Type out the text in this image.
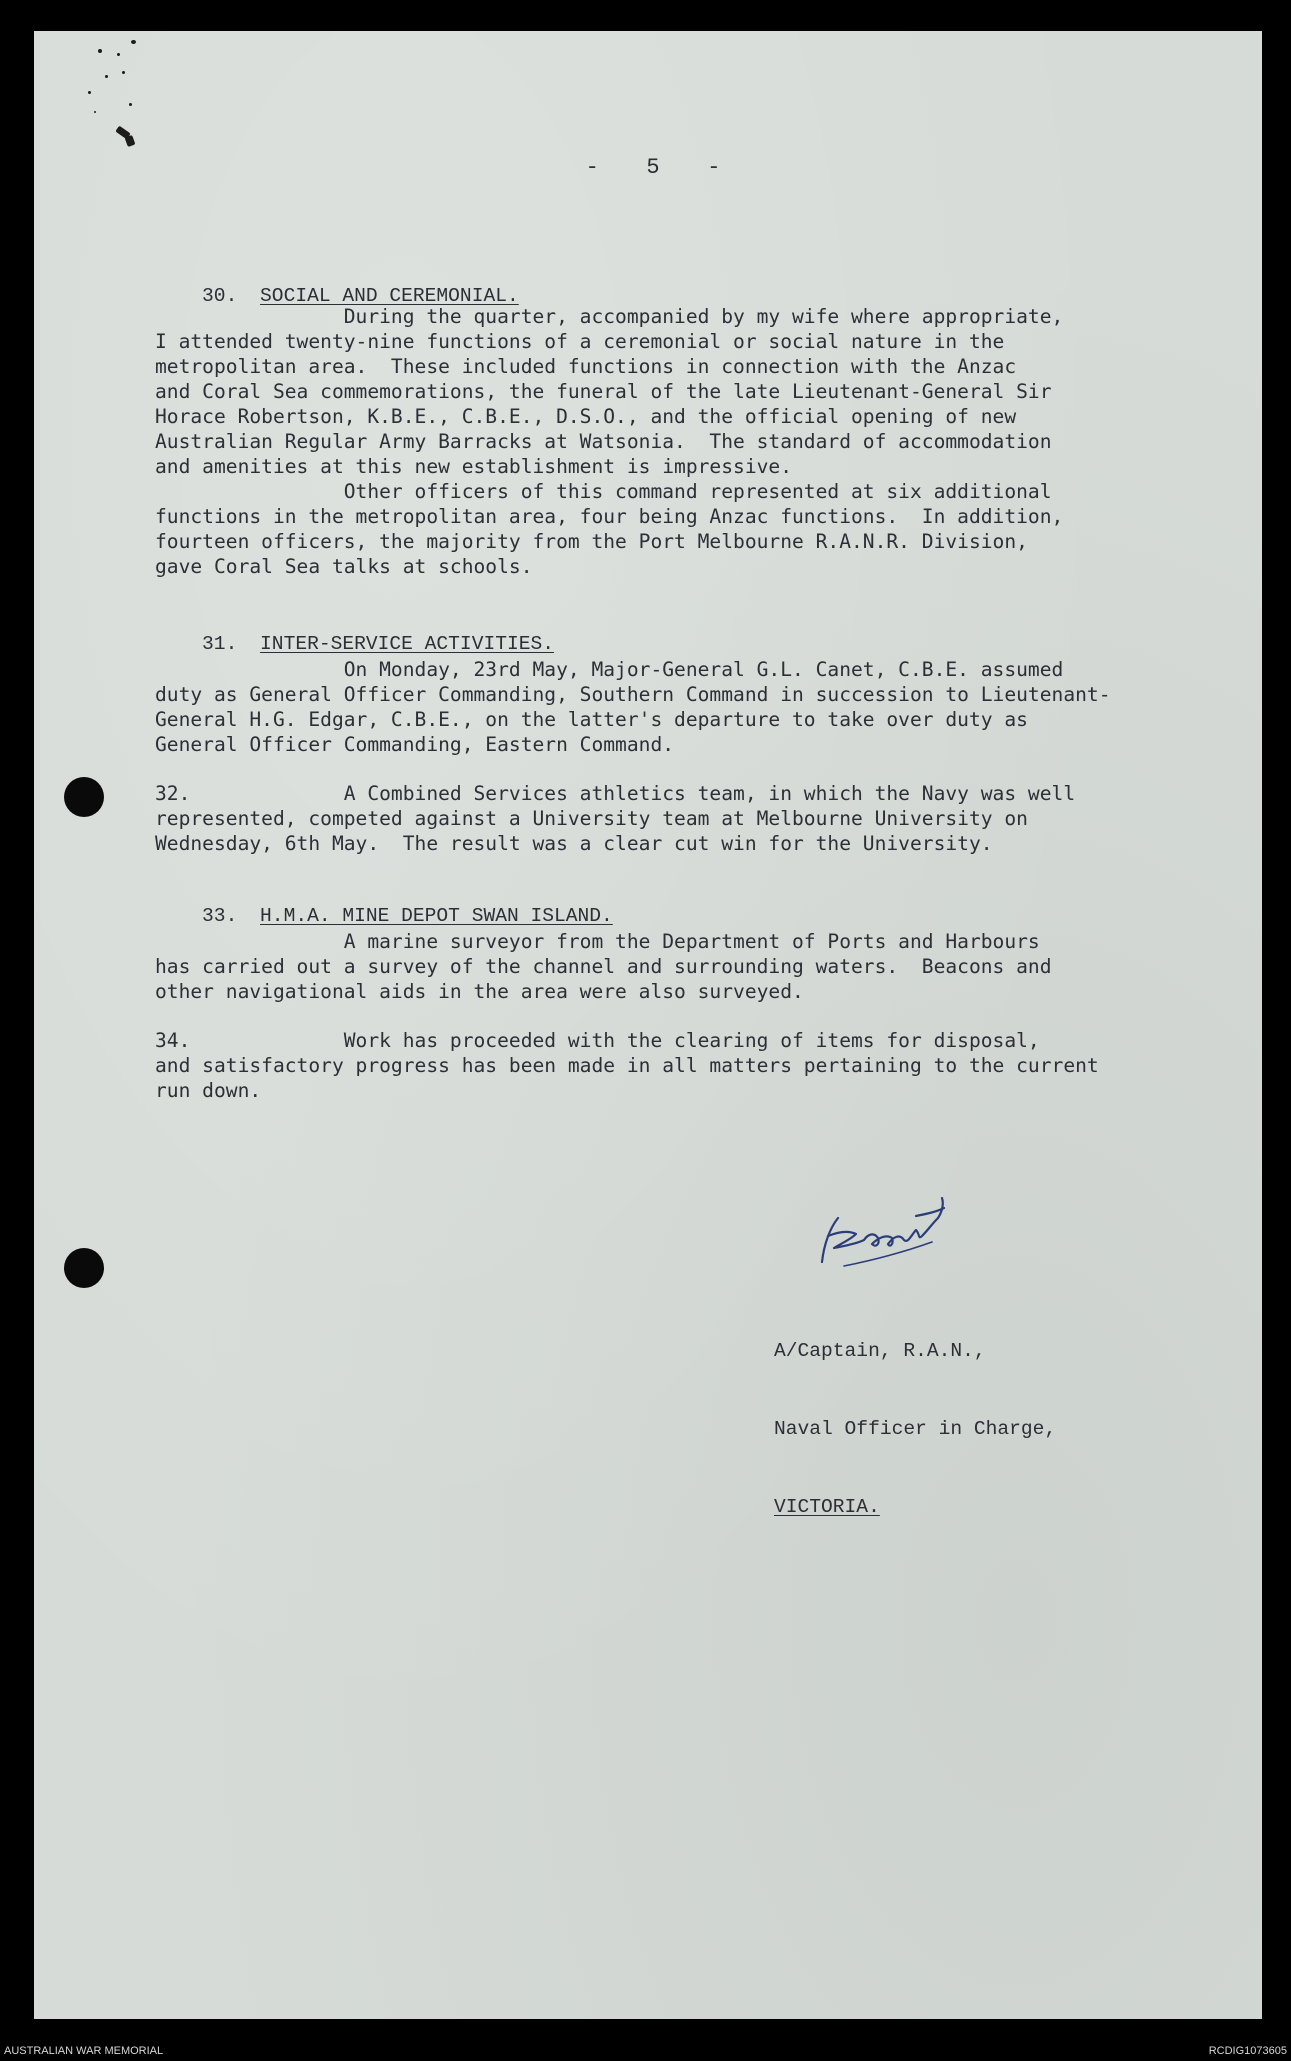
-   5   -

30. SOCIAL AND CEREMONIAL.

During the quarter, accompanied by my wife where appropriate,
I attended twenty-nine functions of a ceremonial or social nature in the
metropolitan area.  These included functions in connection with the Anzac
and Coral Sea commemorations, the funeral of the late Lieutenant-General Sir
Horace Robertson, K.B.E., C.B.E., D.S.O., and the official opening of new
Australian Regular Army Barracks at Watsonia.  The standard of accommodation
and amenities at this new establishment is impressive.
Other officers of this command represented at six additional
functions in the metropolitan area, four being Anzac functions.  In addition,
fourteen officers, the majority from the Port Melbourne R.A.N.R. Division,
gave Coral Sea talks at schools.

31. INTER-SERVICE ACTIVITIES.

On Monday, 23rd May, Major-General G.L. Canet, C.B.E. assumed
duty as General Officer Commanding, Southern Command in succession to Lieutenant-
General H.G. Edgar, C.B.E., on the latter's departure to take over duty as
General Officer Commanding, Eastern Command.
32.             A Combined Services athletics team, in which the Navy was well
represented, competed against a University team at Melbourne University on
Wednesday, 6th May.  The result was a clear cut win for the University.

33. H.M.A. MINE DEPOT SWAN ISLAND.

A marine surveyor from the Department of Ports and Harbours
has carried out a survey of the channel and surrounding waters.  Beacons and
other navigational aids in the area were also surveyed.
34.             Work has proceeded with the clearing of items for disposal,
and satisfactory progress has been made in all matters pertaining to the current
run down.

A/Captain, R.A.N.,

Naval Officer in Charge,

VICTORIA.

AUSTRALIAN WAR MEMORIAL	RCDIG1073605
